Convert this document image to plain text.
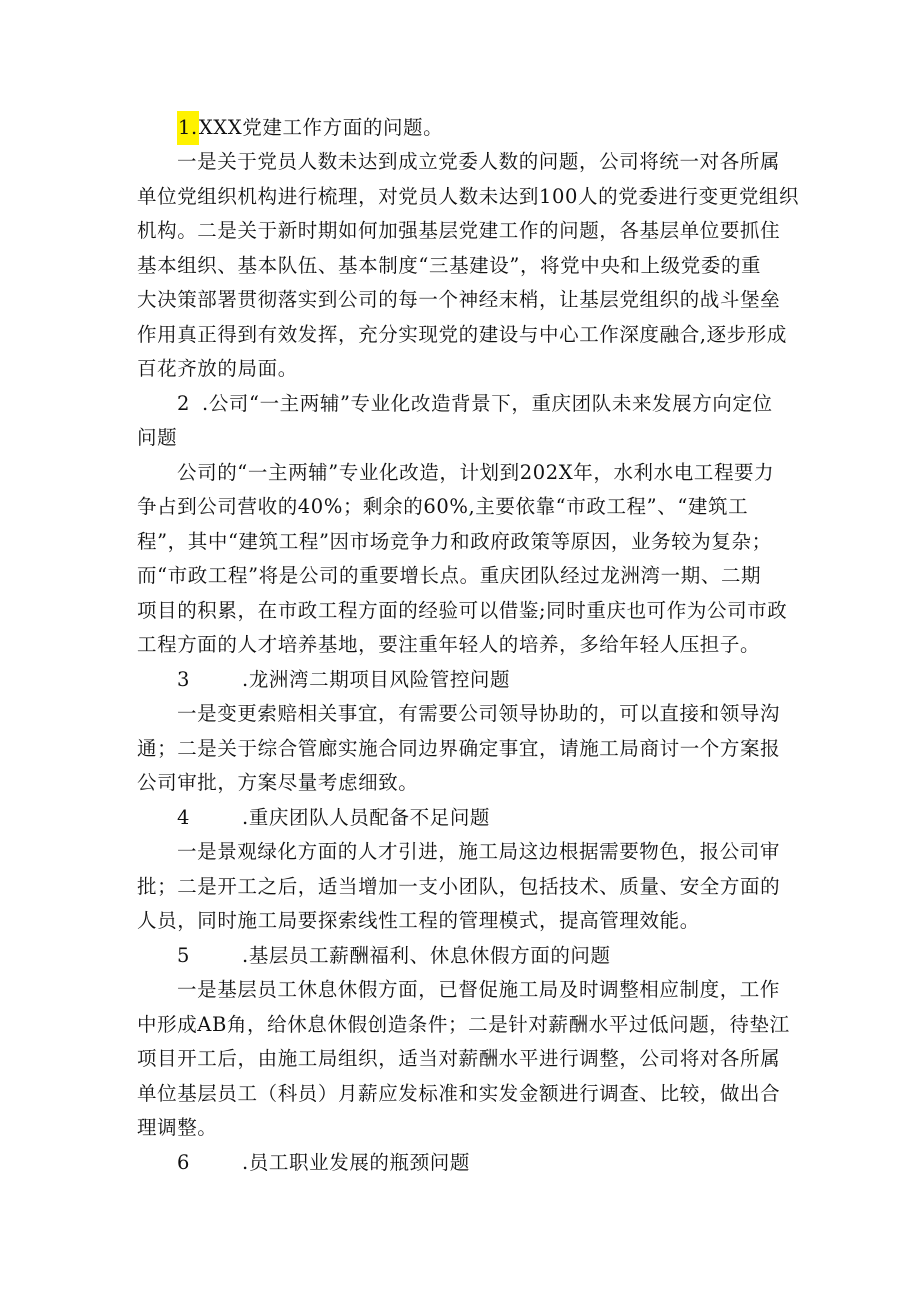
1.XXX党建工作方面的问题。
一是关于党员人数未达到成立党委人数的问题，公司将统一对各所属
单位党组织机构进行梳理，对党员人数未达到100人的党委进行变更党组织
机构。二是关于新时期如何加强基层党建工作的问题，各基层单位要抓住
基本组织、基本队伍、基本制度“三基建设”，将党中央和上级党委的重
大决策部署贯彻落实到公司的每一个神经末梢，让基层党组织的战斗堡垒
作用真正得到有效发挥，充分实现党的建设与中心工作深度融合,逐步形成
百花齐放的局面。
2 .公司“一主两辅”专业化改造背景下，重庆团队未来发展方向定位
问题
公司的“一主两辅”专业化改造，计划到202X年，水利水电工程要力
争占到公司营收的40%；剩余的60%,主要依靠“市政工程”、“建筑工
程”，其中“建筑工程”因市场竞争力和政府政策等原因，业务较为复杂；
而“市政工程”将是公司的重要增长点。重庆团队经过龙洲湾一期、二期
项目的积累，在市政工程方面的经验可以借鉴;同时重庆也可作为公司市政
工程方面的人才培养基地，要注重年轻人的培养，多给年轻人压担子。
3	.龙洲湾二期项目风险管控问题
一是变更索赔相关事宜，有需要公司领导协助的，可以直接和领导沟
通；二是关于综合管廊实施合同边界确定事宜，请施工局商讨一个方案报
公司审批，方案尽量考虑细致。
4	.重庆团队人员配备不足问题
一是景观绿化方面的人才引进，施工局这边根据需要物色，报公司审
批；二是开工之后，适当增加一支小团队，包括技术、质量、安全方面的
人员，同时施工局要探索线性工程的管理模式，提高管理效能。
5	.基层员工薪酬福利、休息休假方面的问题
一是基层员工休息休假方面，已督促施工局及时调整相应制度，工作
中形成AB角，给休息休假创造条件；二是针对薪酬水平过低问题，待垫江
项目开工后，由施工局组织，适当对薪酬水平进行调整，公司将对各所属
单位基层员工（科员）月薪应发标准和实发金额进行调查、比较，做出合
理调整。
6	.员工职业发展的瓶颈问题
